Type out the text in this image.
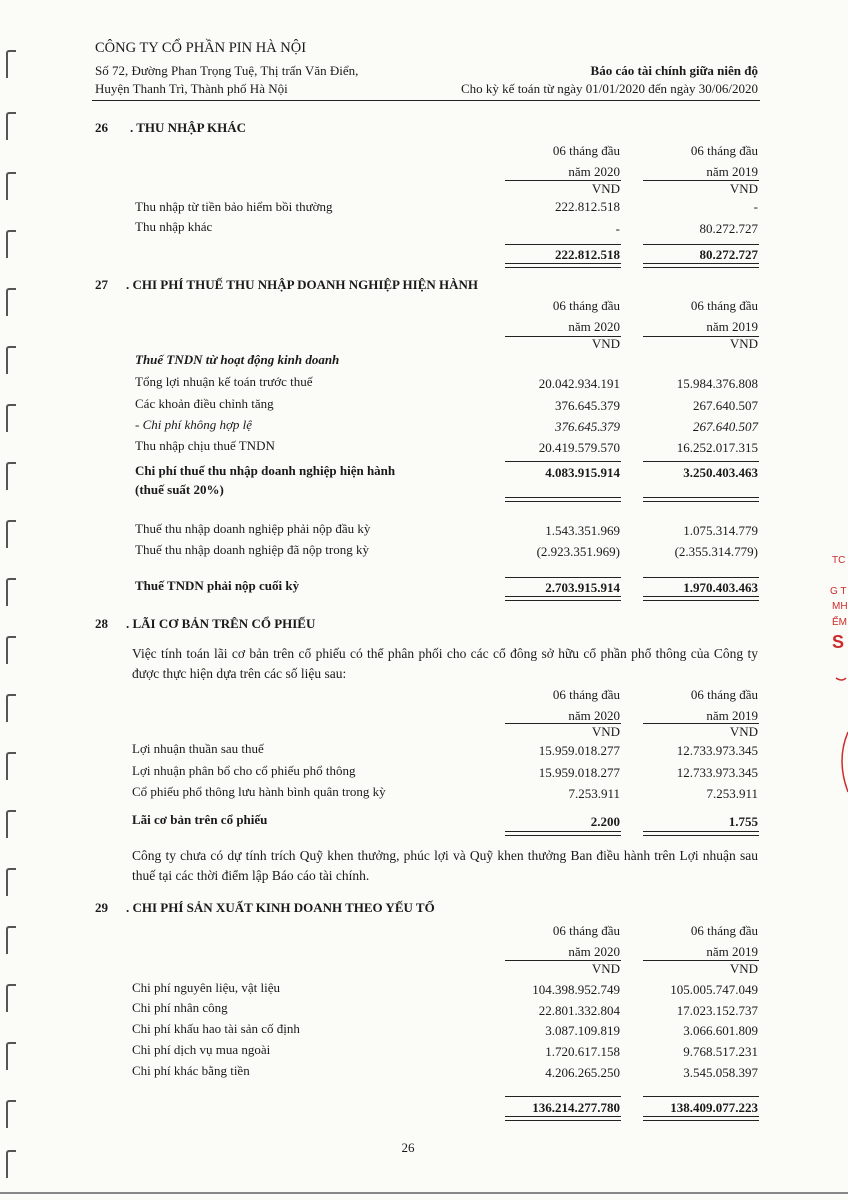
CÔNG TY CỔ PHẦN PIN HÀ NỘI
Số 72, Đường Phan Trọng Tuệ, Thị trấn Văn Điển,
Huyện Thanh Trì, Thành phố Hà Nội
Báo cáo tài chính giữa niên độ
Cho kỳ kế toán từ ngày 01/01/2020 đến ngày 30/06/2020
26 . THU NHẬP KHÁC
06 tháng đầu
năm 2020
06 tháng đầu
năm 2019
VND	VND
Thu nhập từ tiền bảo hiểm bồi thường	222.812.518	-
Thu nhập khác	-	80.272.727
222.812.518	80.272.727
27 . CHI PHÍ THUẾ THU NHẬP DOANH NGHIỆP HIỆN HÀNH
06 tháng đầu
năm 2020
06 tháng đầu
năm 2019
VND	VND
Thuế TNDN từ hoạt động kinh doanh
Tổng lợi nhuận kế toán trước thuế	20.042.934.191	15.984.376.808
Các khoản điều chỉnh tăng	376.645.379	267.640.507
- Chi phí không hợp lệ	376.645.379	267.640.507
Thu nhập chịu thuế TNDN	20.419.579.570	16.252.017.315
Chi phí thuế thu nhập doanh nghiệp hiện hành
(thuế suất 20%)
4.083.915.914	3.250.403.463
Thuế thu nhập doanh nghiệp phải nộp đầu kỳ	1.543.351.969	1.075.314.779
Thuế thu nhập doanh nghiệp đã nộp trong kỳ	(2.923.351.969)	(2.355.314.779)
Thuế TNDN phải nộp cuối kỳ	2.703.915.914	1.970.403.463
28 . LÃI CƠ BẢN TRÊN CỔ PHIẾU
Việc tính toán lãi cơ bản trên cổ phiếu có thể phân phối cho các cổ đông sở hữu cổ phần phổ thông của Công ty được thực hiện dựa trên các số liệu sau:
06 tháng đầu
năm 2020
06 tháng đầu
năm 2019
VND	VND
Lợi nhuận thuần sau thuế	15.959.018.277	12.733.973.345
Lợi nhuận phân bổ cho cổ phiếu phổ thông	15.959.018.277	12.733.973.345
Cổ phiếu phổ thông lưu hành bình quân trong kỳ	7.253.911	7.253.911
Lãi cơ bản trên cổ phiếu	2.200	1.755
Công ty chưa có dự tính trích Quỹ khen thưởng, phúc lợi và Quỹ khen thưởng Ban điều hành trên Lợi nhuận sau thuế tại các thời điểm lập Báo cáo tài chính.
29 . CHI PHÍ SẢN XUẤT KINH DOANH THEO YẾU TỐ
06 tháng đầu
năm 2020
06 tháng đầu
năm 2019
VND	VND
Chi phí nguyên liệu, vật liệu	104.398.952.749	105.005.747.049
Chi phí nhân công	22.801.332.804	17.023.152.737
Chi phí khấu hao tài sản cố định	3.087.109.819	3.066.601.809
Chi phí dịch vụ mua ngoài	1.720.617.158	9.768.517.231
Chi phí khác bằng tiền	4.206.265.250	3.545.058.397
136.214.277.780	138.409.077.223
26
TC
G T
MH
ẾM
S
